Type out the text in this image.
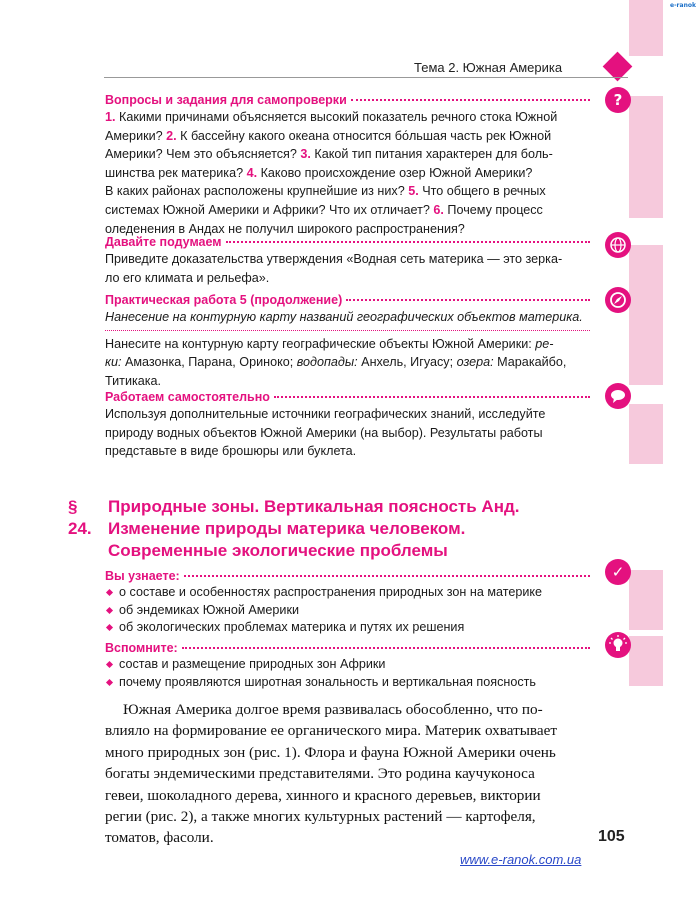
e-ranok
?
✓
Тема 2. Южная Америка
Вопросы и задания для самопроверки
1. Какими причинами объясняется высокий показатель речного стока Южной
Америки? 2. К бассейну какого океана относится бо́льшая часть рек Южной
Америки? Чем это объясняется? 3. Какой тип питания характерен для боль-
шинства рек материка? 4. Каково происхождение озер Южной Америки?
В каких районах расположены крупнейшие из них? 5. Что общего в речных
системах Южной Америки и Африки? Что их отличает? 6. Почему процесс
оледенения в Андах не получил широкого распространения?
Давайте подумаем
Приведите доказательства утверждения «Водная сеть материка — это зерка-
ло его климата и рельефа».
Практическая работа 5 (продолжение)
Нанесение на контурную карту названий географических объектов материка.
Нанесите на контурную карту географические объекты Южной Америки: ре-
ки: Амазонка, Парана, Ориноко; водопады: Анхель, Игуасу; озера: Маракайбо,
Титикака.
Работаем самостоятельно
Используя дополнительные источники географических знаний, исследуйте
природу водных объектов Южной Америки (на выбор). Результаты работы
представьте в виде брошюры или буклета.
§ 24.
Природные зоны. Вертикальная поясность Анд.
Изменение природы материка человеком.
Современные экологические проблемы
Вы узнаете:
о составе и особенностях распространения природных зон на материке
об эндемиках Южной Америки
об экологических проблемах материка и путях их решения
Вспомните:
состав и размещение природных зон Африки
почему проявляются широтная зональность и вертикальная поясность
Южная Америка долгое время развивалась обособленно, что по-
влияло на формирование ее органического мира. Материк охватывает
много природных зон (рис. 1). Флора и фауна Южной Америки очень
богаты эндемическими представителями. Это родина каучуконоса
гевеи, шоколадного дерева, хинного и красного деревьев, виктории
регии (рис. 2), а также многих культурных растений — картофеля,
томатов, фасоли.	105
www.e-ranok.com.ua
